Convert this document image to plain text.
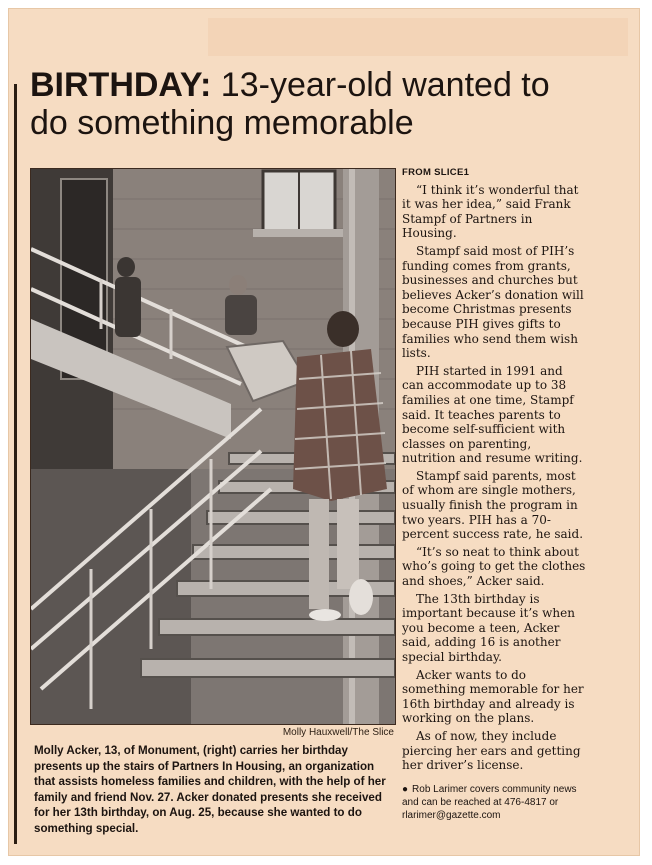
BIRTHDAY: 13-year-old wanted to do something memorable
Molly Hauxwell/The Slice

Molly Acker, 13, of Monument, (right) carries her birthday presents up the stairs of Partners In Housing, an organization that assists homeless families and children, with the help of her family and friend Nov. 27. Acker donated presents she received for her 13th birthday, on Aug. 25, because she wanted to do something special.

FROM SLICE1

“I think it’s wonderful that it was her idea,” said Frank Stampf of Partners in Housing.

Stampf said most of PIH’s funding comes from grants, businesses and churches but believes Acker’s donation will become Christmas presents because PIH gives gifts to families who send them wish lists.

PIH started in 1991 and can accommodate up to 38 families at one time, Stampf said. It teaches parents to become self-sufficient with classes on parenting, nutrition and resume writing.

Stampf said parents, most of whom are single mothers, usually finish the program in two years. PIH has a 70-percent success rate, he said.

“It’s so neat to think about who’s going to get the clothes and shoes,” Acker said.

The 13th birthday is important because it’s when you become a teen, Acker said, adding 16 is another special birthday.

Acker wants to do something memorable for her 16th birthday and already is working on the plans.

As of now, they include piercing her ears and getting her driver’s license.

● Rob Larimer covers community news and can be reached at 476-4817 or rlarimer@gazette.com
